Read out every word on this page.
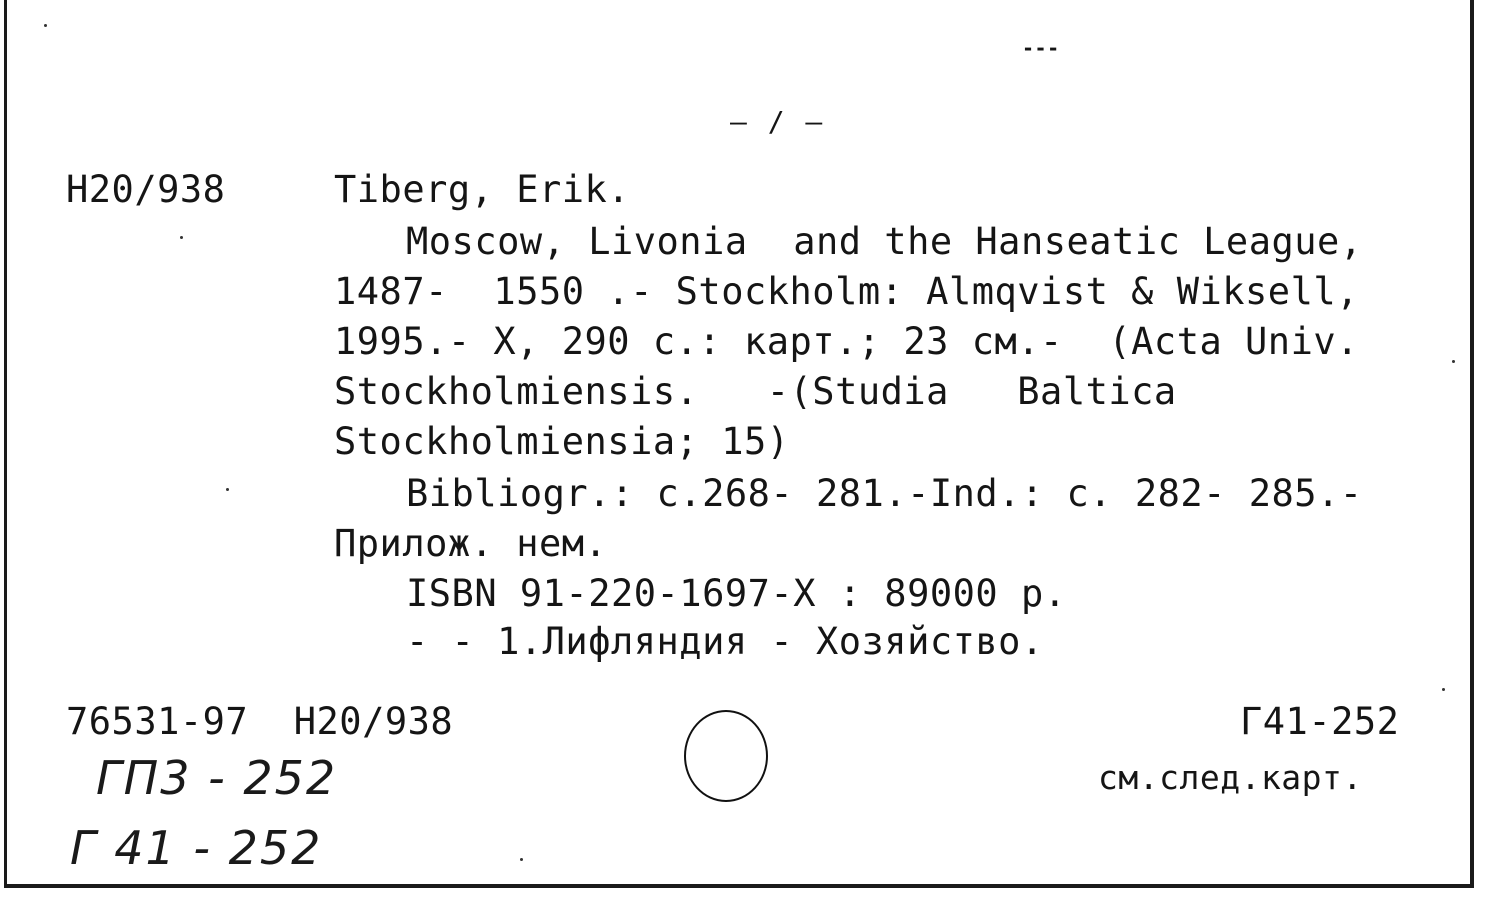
‑‑‑
— / —
H20/938	Tiberg, Erik.
Moscow, Livonia  and the Hanseatic League,
1487-  1550 .- Stockholm: Almqvist & Wiksell,
1995.- X, 290 c.: карт.; 23 см.-  (Acta Univ.
Stockholmiensis.   -(Studia   Baltica
Stockholmiensia; 15)
Bibliogr.: c.268- 281.-Ind.: c. 282- 285.-
Прилож. нем.
ISBN 91-220-1697-X : 89000 p.
- - 1.Лифляндия - Хозяйство.
76531-97  H20/938	Г41-252
см.след.карт.
ГП3 - 252
Г 41 - 252
